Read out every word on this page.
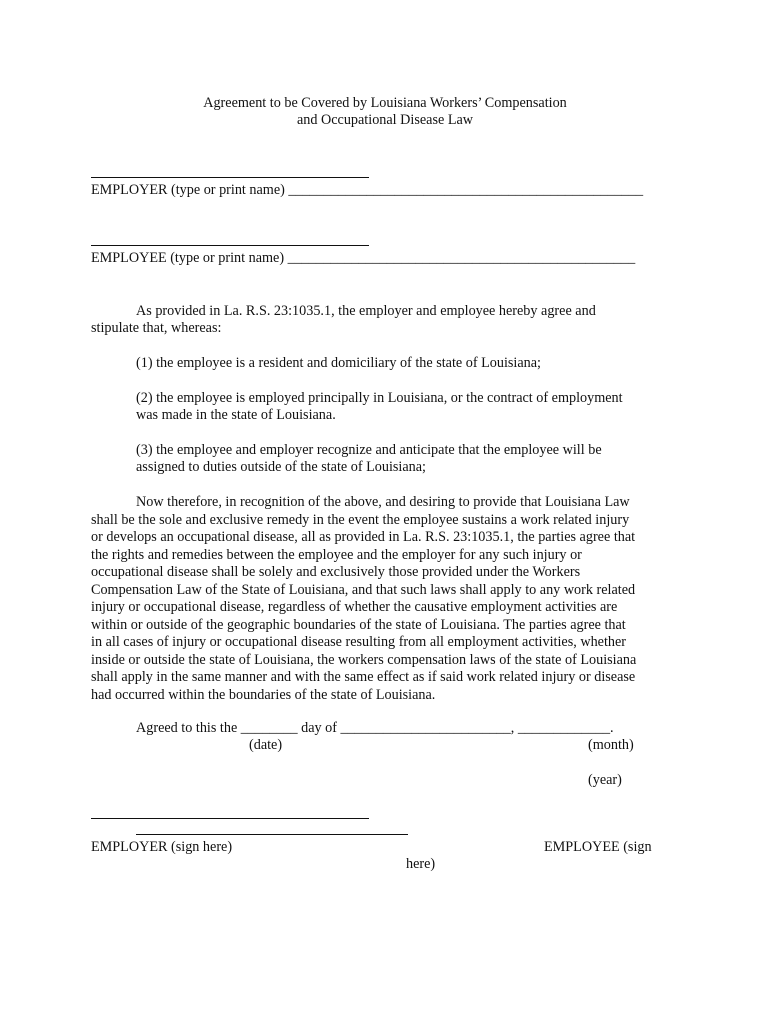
Agreement to be Covered by Louisiana Workers’ Compensation
and Occupational Disease Law
EMPLOYER (type or print name) __________________________________________________
EMPLOYEE (type or print name) _________________________________________________
As provided in La. R.S. 23:1035.1, the employer and employee hereby agree and
stipulate that, whereas:
(1) the employee is a resident and domiciliary of the state of Louisiana;
(2) the employee is employed principally in Louisiana, or the contract of employment
was made in the state of Louisiana.
(3) the employee and employer recognize and anticipate that the employee will be
assigned to duties outside of the state of Louisiana;
Now therefore, in recognition of the above, and desiring to provide that Louisiana Law
shall be the sole and exclusive remedy in the event the employee sustains a work related injury
or develops an occupational disease, all as provided in La. R.S. 23:1035.1, the parties agree that
the rights and remedies between the employee and the employer for any such injury or
occupational disease shall be solely and exclusively those provided under the Workers
Compensation Law of the State of Louisiana, and that such laws shall apply to any work related
injury or occupational disease, regardless of whether the causative employment activities are
within or outside of the geographic boundaries of the state of Louisiana. The parties agree that
in all cases of injury or occupational disease resulting from all employment activities, whether
inside or outside the state of Louisiana, the workers compensation laws of the state of Louisiana
shall apply in the same manner and with the same effect as if said work related injury or disease
had occurred within the boundaries of the state of Louisiana.
Agreed to this the ________ day of ________________________, _____________.
(date)	(month)
(year)
EMPLOYER (sign here)	EMPLOYEE (sign
here)
